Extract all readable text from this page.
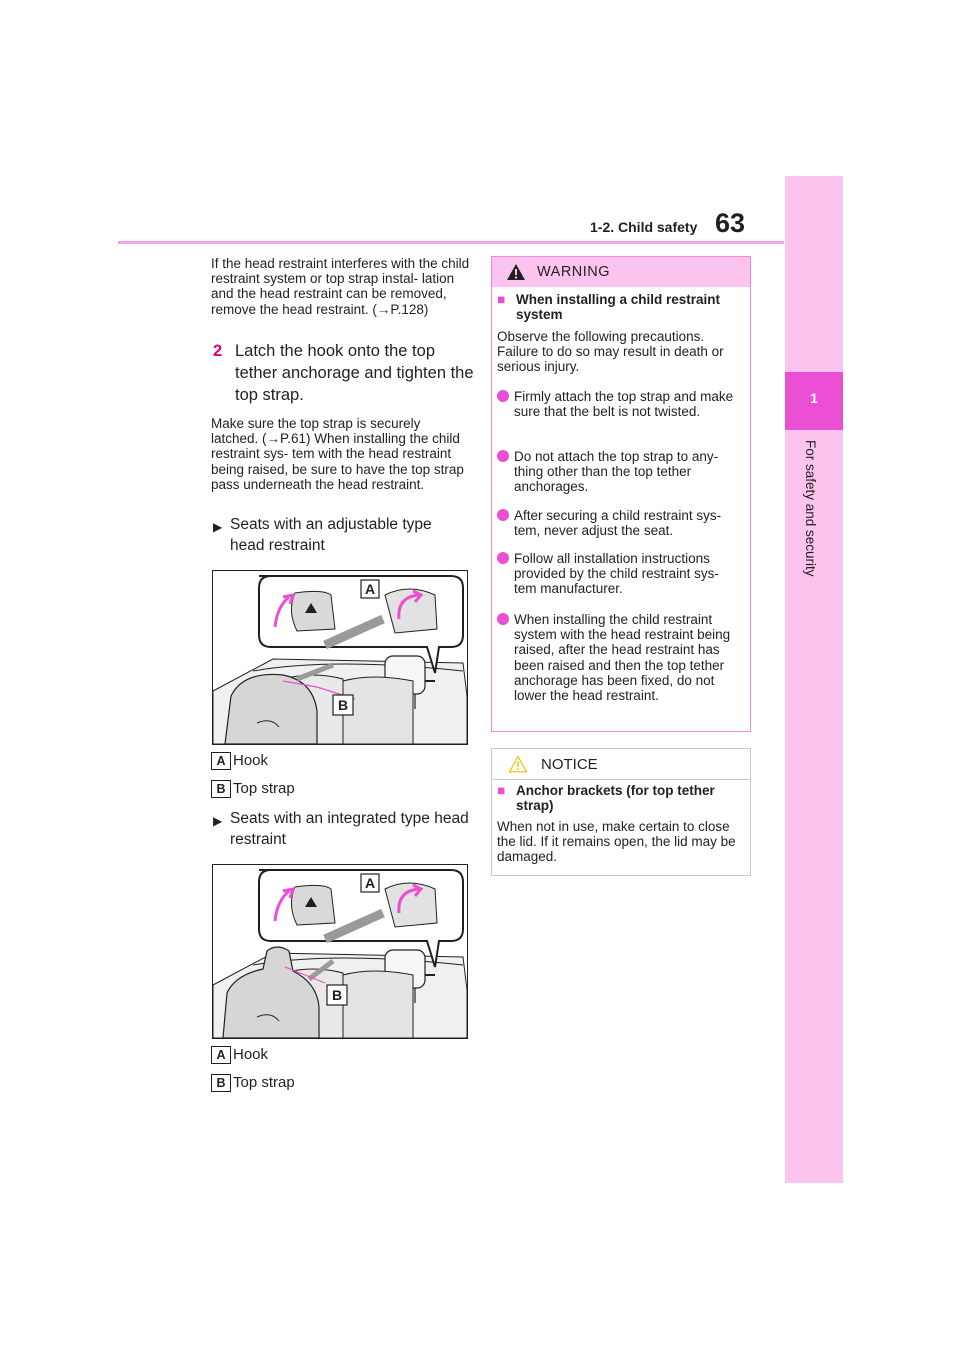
63
1-2. Child safety
1
For safety and security
If the head restraint interferes with the child restraint system or top strap instal- lation and the head restraint can be removed, remove the head restraint. (→P.128)
2 Latch the hook onto the top tether anchorage and tighten the top strap.
Make sure the top strap is securely latched. (→P.61) When installing the child restraint sys- tem with the head restraint being raised, be sure to have the top strap pass underneath the head restraint.
▶ Seats with an adjustable type head restraint
A
B
A Hook
B Top strap
▶ Seats with an integrated type head restraint
A
B
A Hook
B Top strap
WARNING
■ When installing a child restraint system
Observe the following precautions. Failure to do so may result in death or serious injury.
Firmly attach the top strap and make sure that the belt is not twisted.
Do not attach the top strap to any- thing other than the top tether anchorages.
After securing a child restraint sys- tem, never adjust the seat.
Follow all installation instructions provided by the child restraint sys- tem manufacturer.
When installing the child restraint system with the head restraint being raised, after the head restraint has been raised and then the top tether anchorage has been fixed, do not lower the head restraint.
NOTICE
■ Anchor brackets (for top tether strap)
When not in use, make certain to close the lid. If it remains open, the lid may be damaged.
